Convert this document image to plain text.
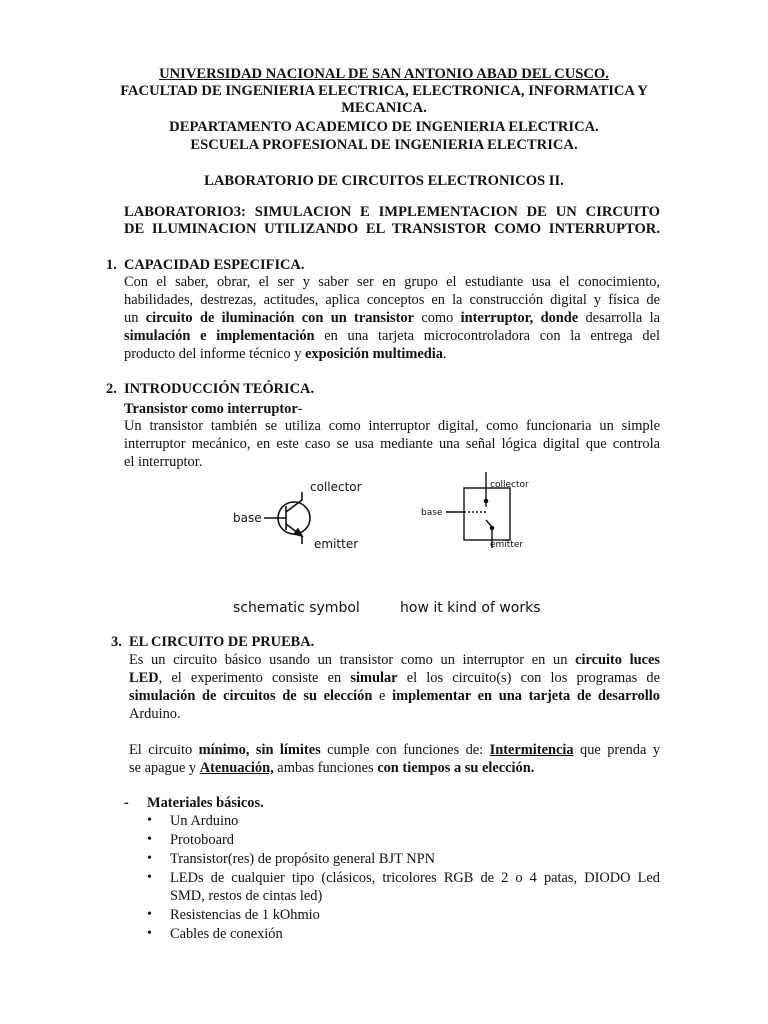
UNIVERSIDAD NACIONAL DE SAN ANTONIO ABAD DEL CUSCO.
FACULTAD DE INGENIERIA ELECTRICA, ELECTRONICA, INFORMATICA Y
MECANICA.
DEPARTAMENTO ACADEMICO DE INGENIERIA ELECTRICA.
ESCUELA PROFESIONAL DE INGENIERIA ELECTRICA.
LABORATORIO DE CIRCUITOS ELECTRONICOS II.
LABORATORIO3: SIMULACION E IMPLEMENTACION DE UN CIRCUITO
DE ILUMINACION UTILIZANDO EL TRANSISTOR COMO INTERRUPTOR.
1. CAPACIDAD ESPECIFICA.
Con el saber, obrar, el ser y saber ser en grupo el estudiante usa el conocimiento,
habilidades, destrezas, actitudes, aplica conceptos en la construcción digital y física de
un circuito de iluminación con un transistor como interruptor, donde desarrolla la
simulación e implementación en una tarjeta microcontroladora con la entrega del
producto del informe técnico y exposición multimedia.
2. INTRODUCCIÓN TEÓRICA.
Transistor como interruptor-
Un transistor también se utiliza como interruptor digital, como funcionaria un simple
interruptor mecánico, en este caso se usa mediante una señal lógica digital que controla
el interruptor.
collector
base
emitter
collector
base
emitter
schematic symbol	how it kind of works
3. EL CIRCUITO DE PRUEBA.
Es un circuito básico usando un transistor como un interruptor en un circuito luces
LED, el experimento consiste en simular el los circuito(s) con los programas de
simulación de circuitos de su elección e implementar en una tarjeta de desarrollo
Arduino.
El circuito mínimo, sin límites cumple con funciones de: Intermitencia que prenda y
se apague y Atenuación, ambas funciones con tiempos a su elección.
- Materiales básicos.
• Un Arduino
• Protoboard
• Transistor(res) de propósito general BJT NPN
• LEDs de cualquier tipo (clásicos, tricolores RGB de 2 o 4 patas, DIODO Led
SMD, restos de cintas led)
• Resistencias de 1 kOhmio
• Cables de conexión
